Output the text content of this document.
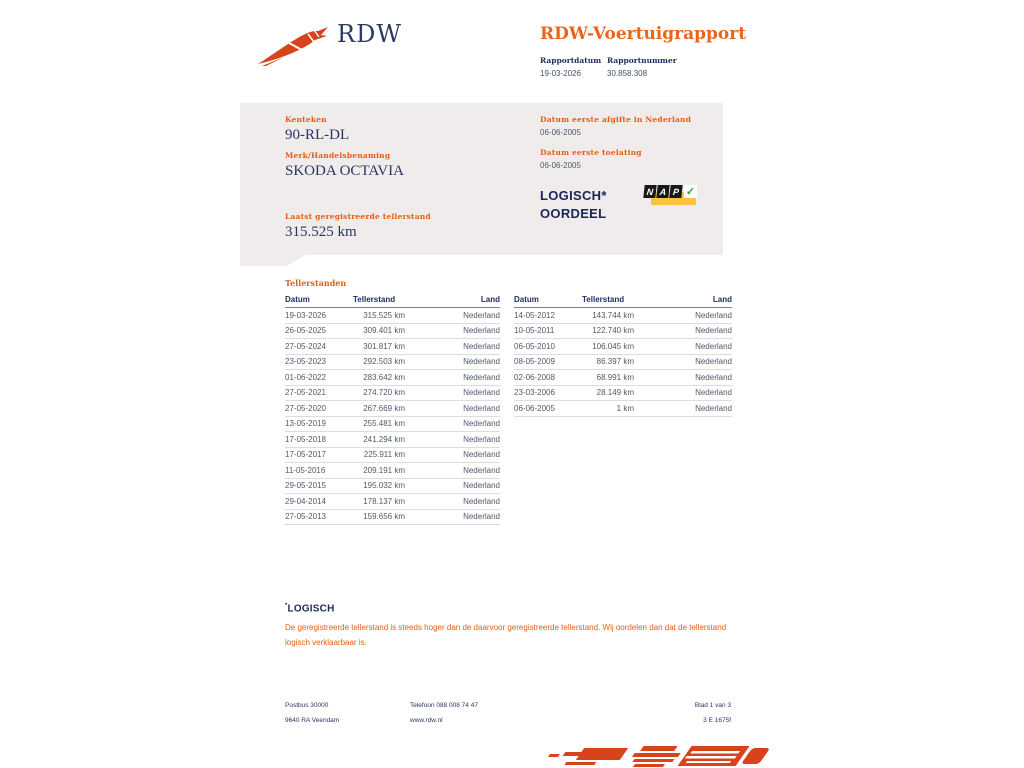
RDW	RDW-Voertuigrapport
Rapportdatum
19-03-2026
Rapportnummer
30.858.308
Kenteken
90-RL-DL
Merk/Handelsbenaming
SKODA OCTAVIA
Laatst geregistreerde tellerstand
315.525 km
Datum eerste afgifte in Nederland
06-06-2005
Datum eerste toelating
06-06-2005
LOGISCH*
OORDEEL
N A P ✓
Tellerstanden
Datum	Tellerstand	Land
19-03-2026	315.525 km	Nederland
26-05-2025	309.401 km	Nederland
27-05-2024	301.817 km	Nederland
23-05-2023	292.503 km	Nederland
01-06-2022	283.642 km	Nederland
27-05-2021	274.720 km	Nederland
27-05-2020	267.669 km	Nederland
13-05-2019	255.481 km	Nederland
17-05-2018	241.294 km	Nederland
17-05-2017	225.911 km	Nederland
11-05-2016	209.191 km	Nederland
29-05-2015	195.032 km	Nederland
29-04-2014	178.137 km	Nederland
27-05-2013	159.656 km	Nederland
Datum	Tellerstand	Land
14-05-2012	143.744 km	Nederland
10-05-2011	122.740 km	Nederland
06-05-2010	106.045 km	Nederland
08-05-2009	86.397 km	Nederland
02-06-2008	68.991 km	Nederland
23-03-2006	28.149 km	Nederland
06-06-2005	1 km	Nederland
*LOGISCH
De geregistreerde tellerstand is steeds hoger dan de daarvoor geregistreerde tellerstand. Wij oordelen dan dat de tellerstand logisch verklaarbaar is.
Postbus 30000	Telefoon 088 008 74 47	Blad 1 van 3
9640 RA Veendam	www.rdw.nl	3 E 1675f
